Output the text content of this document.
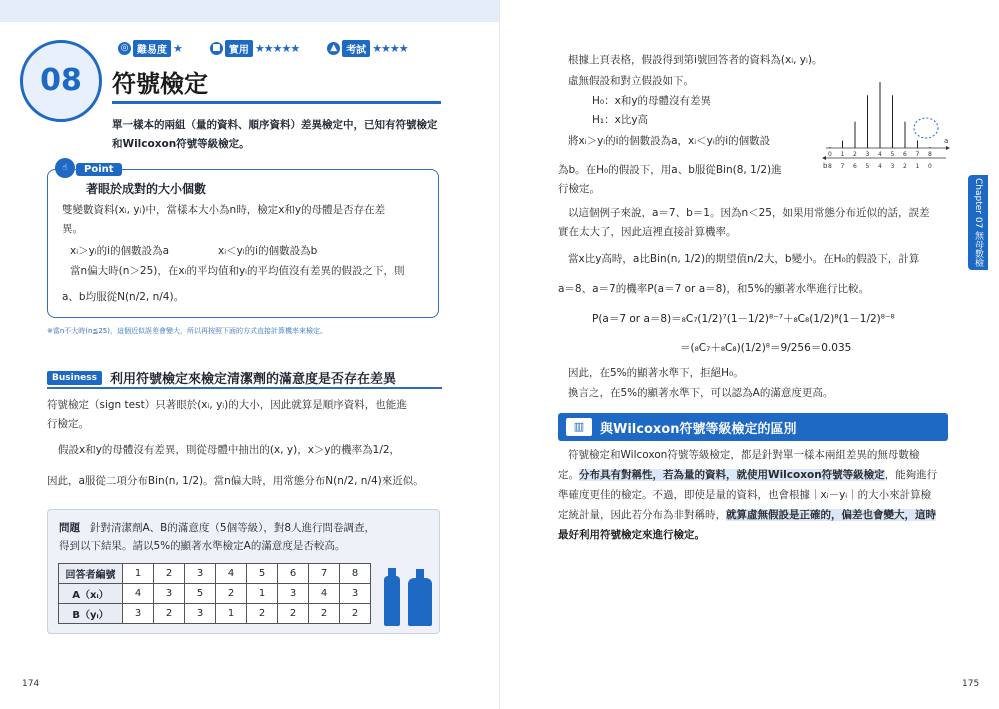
◎ 難易度 ★	■ 實用 ★★★★★	▲ 考試 ★★★★
08	符號檢定
單一樣本的兩組（量的資料、順序資料）差異檢定中，已知有符號檢定和Wilcoxon符號等級檢定。
☝	Point
著眼於成對的大小個數
雙變數資料(xᵢ, yᵢ)中，當樣本大小為n時，檢定x和y的母體是否存在差
異。
xᵢ＞yᵢ的i的個數設為a	xᵢ＜yᵢ的i的個數設為b
當n偏大時(n＞25)，在xᵢ的平均值和yᵢ的平均值沒有差異的假設之下，則
a、b均服從N(n/2, n/4)。
※當n不大時(n≦25)，這個近似誤差會變大，所以再按照下面的方式直接計算機率來檢定。
Business	利用符號檢定來檢定清潔劑的滿意度是否存在差異
符號檢定（sign test）只著眼於(xᵢ, yᵢ)的大小，因此就算是順序資料，也能進
行檢定。
假設x和y的母體沒有差異，則從母體中抽出的(x, y)，x＞y的機率為1/2，
因此，a服從二項分布Bin(n, 1/2)。當n偏大時，用常態分布N(n/2, n/4)來近似。
問題 針對清潔劑A、B的滿意度（5個等級），對8人進行問卷調查，得到以下結果。請以5%的顯著水準檢定A的滿意度是否較高。
回答者編號	1	2	3	4	5	6	7	8
A（xᵢ）	4	3	5	2	1	3	4	3
B（yᵢ）	3	2	3	1	2	2	2	2
174
根據上頁表格，假設得到第i號回答者的資料為(xᵢ, yᵢ)。
虛無假設和對立假設如下。
H₀：x和y的母體沒有差異
H₁：x比y高
將xᵢ＞yᵢ的i的個數設為a，xᵢ＜yᵢ的i的個數設
為b。在H₀的假設下，用a、b服從Bin(8, 1/2)進
行檢定。
a
b
0 1 2 3 4 5 6 7 8
8 7 6 5 4 3 2 1 0
Chapter 07 無母數檢定
以這個例子來說，a＝7、b＝1。因為n＜25，如果用常態分布近似的話，誤差
實在太大了，因此這裡直接計算機率。
當x比y高時，a比Bin(n, 1/2)的期望值n/2大，b變小。在H₀的假設下，計算
a＝8、a＝7的機率P(a＝7 or a＝8)，和5%的顯著水準進行比較。
P(a＝7 or a＝8)＝₈C₇(1/2)⁷(1－1/2)⁸⁻⁷＋₈C₈(1/2)⁸(1－1/2)⁸⁻⁸
＝(₈C₇＋₈C₈)(1/2)⁸＝9/256＝0.035
因此，在5%的顯著水準下，拒絕H₀。
換言之，在5%的顯著水準下，可以認為A的滿意度更高。
▥	與Wilcoxon符號等級檢定的區別
符號檢定和Wilcoxon符號等級檢定，都是針對單一樣本兩組差異的無母數檢
定。分布具有對稱性，若為量的資料，就使用Wilcoxon符號等級檢定，能夠進行
準確度更佳的檢定。不過，即使是量的資料，也會根據｜xᵢ－yᵢ｜的大小來計算檢
定統計量，因此若分布為非對稱時，就算虛無假設是正確的，偏差也會變大，這時
最好利用符號檢定來進行檢定。
175
